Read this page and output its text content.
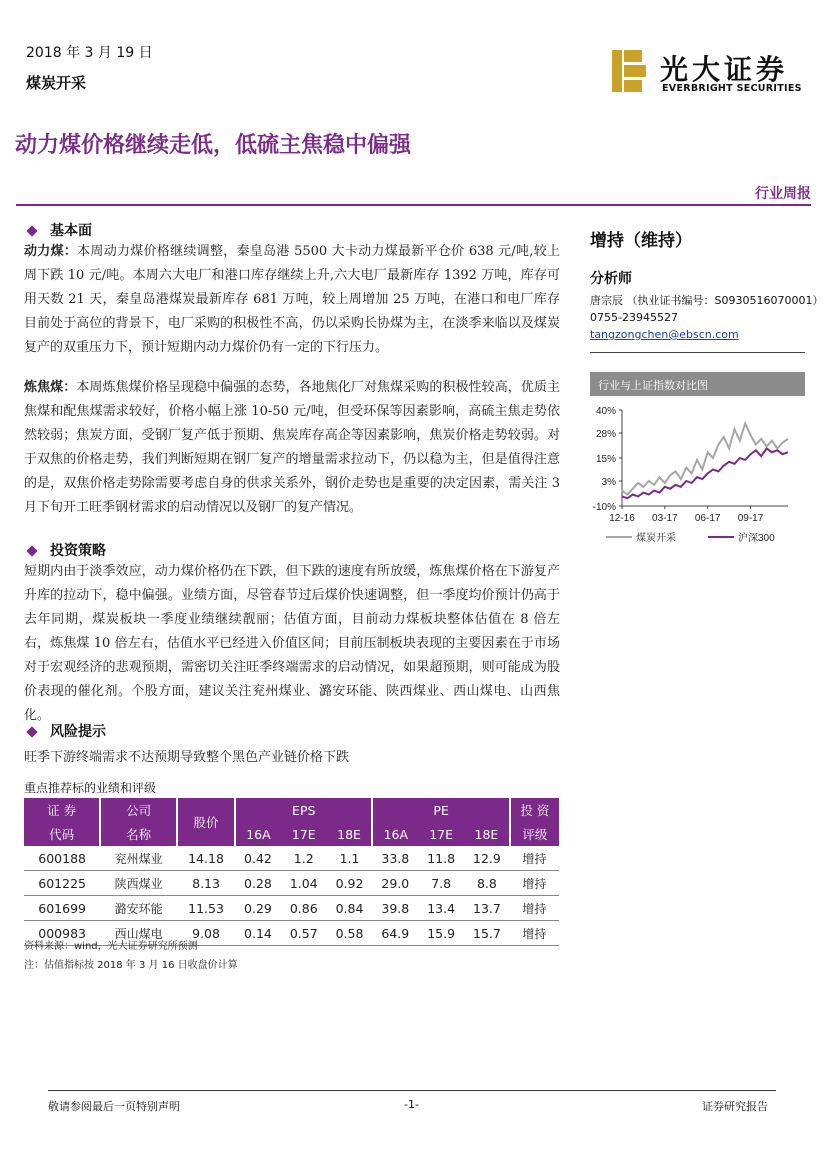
2018 年 3 月 19 日
煤炭开采	光大证券
EVERBRIGHT SECURITIES
动力煤价格继续走低，低硫主焦稳中偏强
行业周报
基本面
动力煤：本周动力煤价格继续调整，秦皇岛港 5500 大卡动力煤最新平仓价 638 元/吨,较上周下跌 10 元/吨。本周六大电厂和港口库存继续上升,六大电厂最新库存 1392 万吨，库存可用天数 21 天，秦皇岛港煤炭最新库存 681 万吨，较上周增加 25 万吨，在港口和电厂库存目前处于高位的背景下，电厂采购的积极性不高，仍以采购长协煤为主，在淡季来临以及煤炭复产的双重压力下，预计短期内动力煤价仍有一定的下行压力。
炼焦煤：本周炼焦煤价格呈现稳中偏强的态势，各地焦化厂对焦煤采购的积极性较高，优质主焦煤和配焦煤需求较好，价格小幅上涨 10-50 元/吨，但受环保等因素影响，高硫主焦走势依然较弱；焦炭方面，受钢厂复产低于预期、焦炭库存高企等因素影响，焦炭价格走势较弱。对于双焦的价格走势，我们判断短期在钢厂复产的增量需求拉动下，仍以稳为主，但是值得注意的是，双焦价格走势除需要考虑自身的供求关系外，钢价走势也是重要的决定因素，需关注 3 月下旬开工旺季钢材需求的启动情况以及钢厂的复产情况。
投资策略
短期内由于淡季效应，动力煤价格仍在下跌，但下跌的速度有所放缓，炼焦煤价格在下游复产升库的拉动下，稳中偏强。业绩方面，尽管春节过后煤价快速调整，但一季度均价预计仍高于去年同期，煤炭板块一季度业绩继续靓丽；估值方面，目前动力煤板块整体估值在 8 倍左右，炼焦煤 10 倍左右，估值水平已经进入价值区间；目前压制板块表现的主要因素在于市场对于宏观经济的悲观预期，需密切关注旺季终端需求的启动情况，如果超预期，则可能成为股价表现的催化剂。个股方面，建议关注兖州煤业、潞安环能、陕西煤业、西山煤电、山西焦化。
风险提示
旺季下游终端需求不达预期导致整个黑色产业链价格下跌
重点推荐标的业绩和评级
证 券	公司	股价	EPS			PE			投 资
代码	名称		16A	17E	18E	16A	17E	18E	评级
600188	兖州煤业	14.18	0.42	1.2	1.1	33.8	11.8	12.9	增持
601225	陕西煤业	8.13	0.28	1.04	0.92	29.0	7.8	8.8	增持
601699	潞安环能	11.53	0.29	0.86	0.84	39.8	13.4	13.7	增持
000983	西山煤电	9.08	0.14	0.57	0.58	64.9	15.9	15.7	增持
资料来源：wind，光大证券研究所预测
注：估值指标按 2018 年 3 月 16 日收盘价计算
增持（维持）
分析师
唐宗辰 （执业证书编号：S0930516070001）
0755-23945527
tangzongchen@ebscn.com
行业与上证指数对比图
40%
28%
15%
3%
-10%
12-16 03-17 06-17 09-17
煤炭开采	沪深300
敬请参阅最后一页特别声明	-1-	证券研究报告
